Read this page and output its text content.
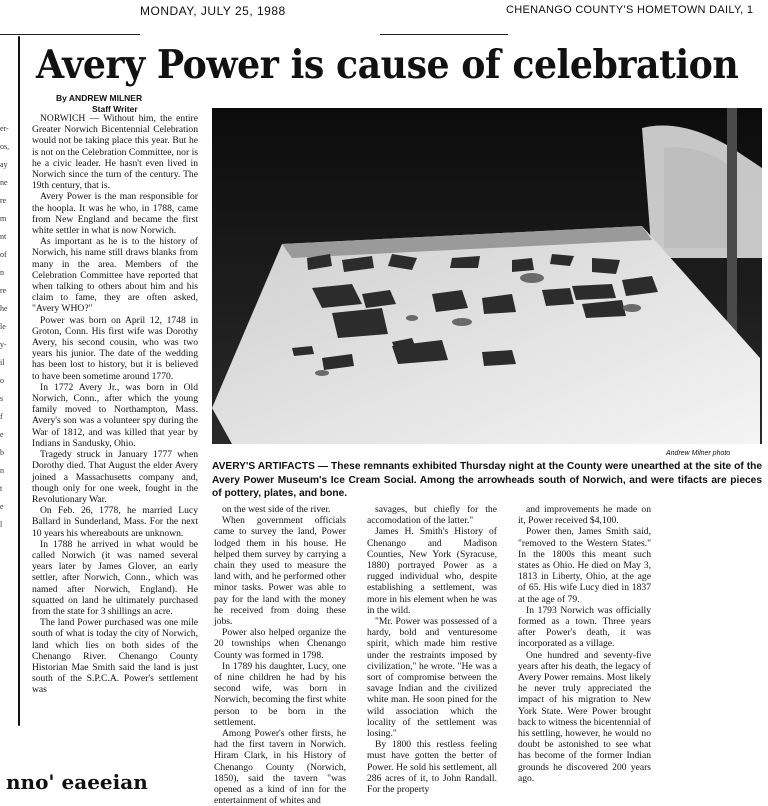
MONDAY, JULY 25, 1988	CHENANGO COUNTY'S HOMETOWN DAILY, 1
er-
os,
ay
ne
re
m
nt
of
n
re
he
le
y-
il
o
s
f
e
b
n
t
e
l
Avery Power is cause of celebration
By ANDREW MILNER
Staff Writer

NORWICH — Without him, the entire Greater Norwich Bicentennial Celebration would not be taking place this year. But he is not on the Celebration Committee, nor is he a civic leader. He hasn't even lived in Norwich since the turn of the century. The 19th century, that is.

Avery Power is the man responsible for the hoopla. It was he who, in 1788, came from New England and became the first white settler in what is now Norwich.

As important as he is to the history of Norwich, his name still draws blanks from many in the area. Members of the Celebration Committee have reported that when talking to others about him and his claim to fame, they are often asked, "Avery WHO?"

Power was born on April 12, 1748 in Groton, Conn. His first wife was Dorothy Avery, his second cousin, who was two years his junior. The date of the wedding has been lost to history, but it is believed to have been sometime around 1770.

In 1772 Avery Jr., was born in Old Norwich, Conn., after which the young family moved to Northampton, Mass. Avery's son was a volunteer spy during the War of 1812, and was killed that year by Indians in Sandusky, Ohio.

Tragedy struck in January 1777 when Dorothy died. That August the elder Avery joined a Massachusetts company and, though only for one week, fought in the Revolutionary War.

On Feb. 26, 1778, he married Lucy Ballard in Sunderland, Mass. For the next 10 years his whereabouts are unknown.

In 1788 he arrived in what would be called Norwich (it was named several years later by James Glover, an early settler, after Norwich, Conn., which was named after Norwich, England). He squatted on land he ultimately purchased from the state for 3 shillings an acre.

The land Power purchased was one mile south of what is today the city of Norwich, land which lies on both sides of the Chenango River. Chenango County Historian Mae Smith said the land is just south of the S.P.C.A. Power's settlement was

Andrew Milner photo
AVERY'S ARTIFACTS — These remnants exhibited Thursday night at the County were unearthed at the site of the Avery Power Museum's Ice Cream Social. Among the arrowheads south of Norwich, and were tifacts are pieces of pottery, plates, and bone.

on the west side of the river.

When government officials came to survey the land, Power lodged them in his house. He helped them survey by carrying a chain they used to measure the land with, and he performed other minor tasks. Power was able to pay for the land with the money he received from doing these jobs.

Power also helped organize the 20 townships when Chenango County was formed in 1798.

In 1789 his daughter, Lucy, one of nine children he had by his second wife, was born in Norwich, becoming the first white person to be born in the settlement.

Among Power's other firsts, he had the first tavern in Norwich. Hiram Clark, in his History of Chenango County (Norwich, 1850), said the tavern "was opened as a kind of inn for the entertainment of whites and

savages, but chiefly for the accomodation of the latter."

James H. Smith's History of Chenango and Madison Counties, New York (Syracuse, 1880) portrayed Power as a rugged individual who, despite establishing a settlement, was more in his element when he was in the wild.

"Mr. Power was possessed of a hardy, bold and venturesome spirit, which made him restive under the restraints imposed by civilization," he wrote. "He was a sort of compromise between the savage Indian and the civilized white man. He soon pined for the wild association which the locality of the settlement was losing."

By 1800 this restless feeling must have gotten the better of Power. He sold his settlement, all 286 acres of it, to John Randall. For the property

and improvements he made on it, Power received $4,100.

Power then, James Smith said, "removed to the Western States." In the 1800s this meant such states as Ohio. He died on May 3, 1813 in Liberty, Ohio, at the age of 65. His wife Lucy died in 1837 at the age of 79.

In 1793 Norwich was officially formed as a town. Three years after Power's death, it was incorporated as a village.

One hundred and seventy-five years after his death, the legacy of Avery Power remains. Most likely he never truly appreciated the impact of his migration to New York State. Were Power brought back to witness the bicentennial of his settling, however, he would no doubt be astonished to see what has become of the former Indian grounds he discovered 200 years ago.

nno' eaeeian
